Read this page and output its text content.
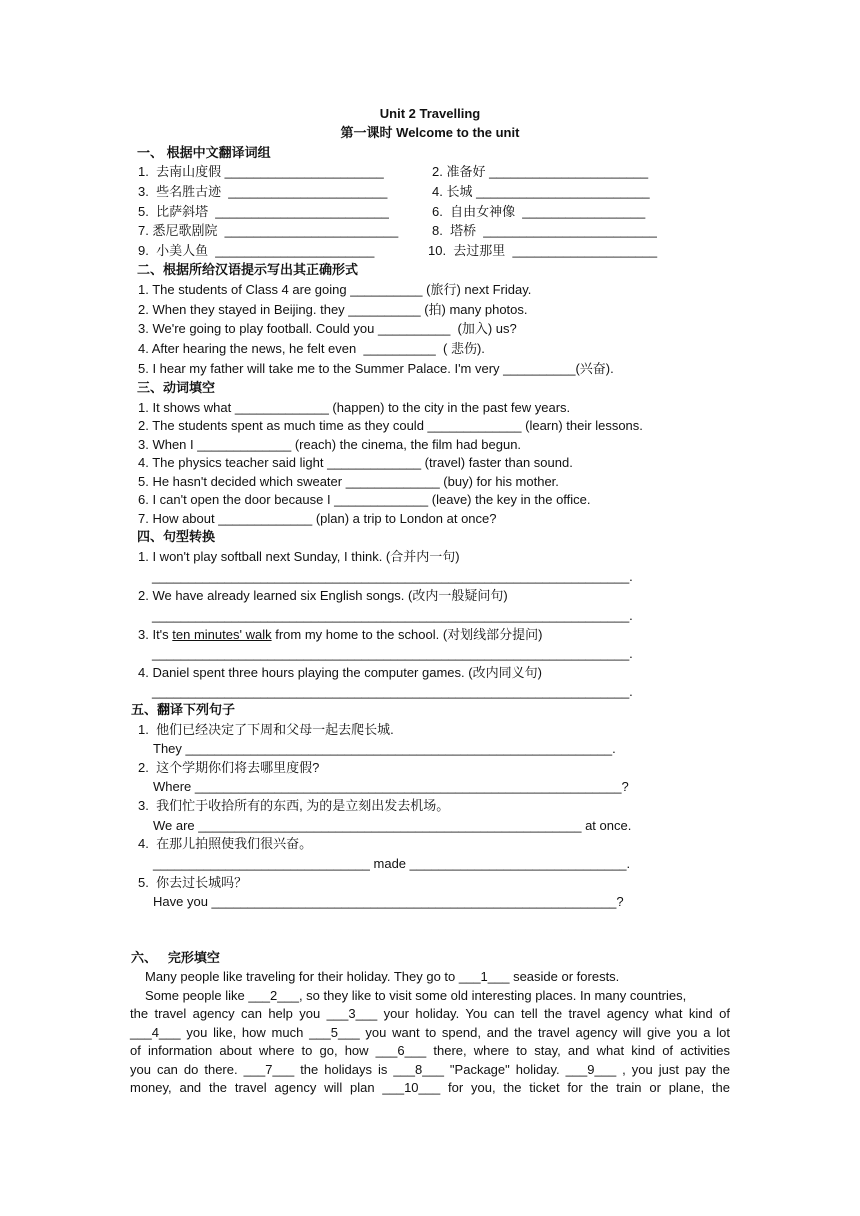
Unit 2 Travelling
第一课时 Welcome to the unit
一、 根据中文翻译词组
1.  去南山度假 ______________________	2. 准备好 ______________________
3.  些名胜古迹  ______________________	4. 长城 ________________________
5.  比萨斜塔  ________________________	6.  自由女神像  _________________
7. 悉尼歌剧院  ________________________	8.  塔桥  ________________________
9.  小美人鱼  ______________________	10.  去过那里  ____________________
二、根据所给汉语提示写出其正确形式
1. The students of Class 4 are going __________ (旅行) next Friday.
2. When they stayed in Beijing. they __________ (拍) many photos.
3. We're going to play football. Could you __________  (加入) us?
4. After hearing the news, he felt even  __________  ( 悲伤).
5. I hear my father will take me to the Summer Palace. I'm very __________(兴奋).
三、动词填空
1. It shows what _____________ (happen) to the city in the past few years.
2. The students spent as much time as they could _____________ (learn) their lessons.
3. When I _____________ (reach) the cinema, the film had begun.
4. The physics teacher said light _____________ (travel) faster than sound.
5. He hasn't decided which sweater _____________ (buy) for his mother.
6. I can't open the door because I _____________ (leave) the key in the office.
7. How about _____________ (plan) a trip to London at once?
四、句型转换
1. I won't play softball next Sunday, I think. (合并内一句)
__________________________________________________________________.
2. We have already learned six English songs. (改内一般疑问句)
__________________________________________________________________.
3. It's ten minutes' walk from my home to the school. (对划线部分提问)
__________________________________________________________________.
4. Daniel spent three hours playing the computer games. (改内同义句)
__________________________________________________________________.
五、翻译下列句子
1.  他们已经决定了下周和父母一起去爬长城.
They ___________________________________________________________.
2.  这个学期你们将去哪里度假?
Where ___________________________________________________________?
3.  我们忙于收拾所有的东西, 为的是立刻出发去机场。
We are _____________________________________________________ at once.
4.  在那儿拍照使我们很兴奋。
______________________________ made ______________________________.
5.  你去过长城吗？
Have you ________________________________________________________?
六、   完形填空
Many people like traveling for their holiday. They go to ___1___ seaside or forests.
Some people like ___2___, so they like to visit some old interesting places. In many countries,
the travel agency can help you ___3___ your holiday. You can tell the travel agency what kind of
___4___ you like, how much ___5___ you want to spend, and the travel agency will give you a lot
of information about where to go, how ___6___ there, where to stay, and what kind of activities
you can do there. ___7___ the holidays is ___8___ "Package" holiday. ___9___ , you just pay the
money, and the travel agency will plan ___10___ for you, the ticket for the train or plane, the
